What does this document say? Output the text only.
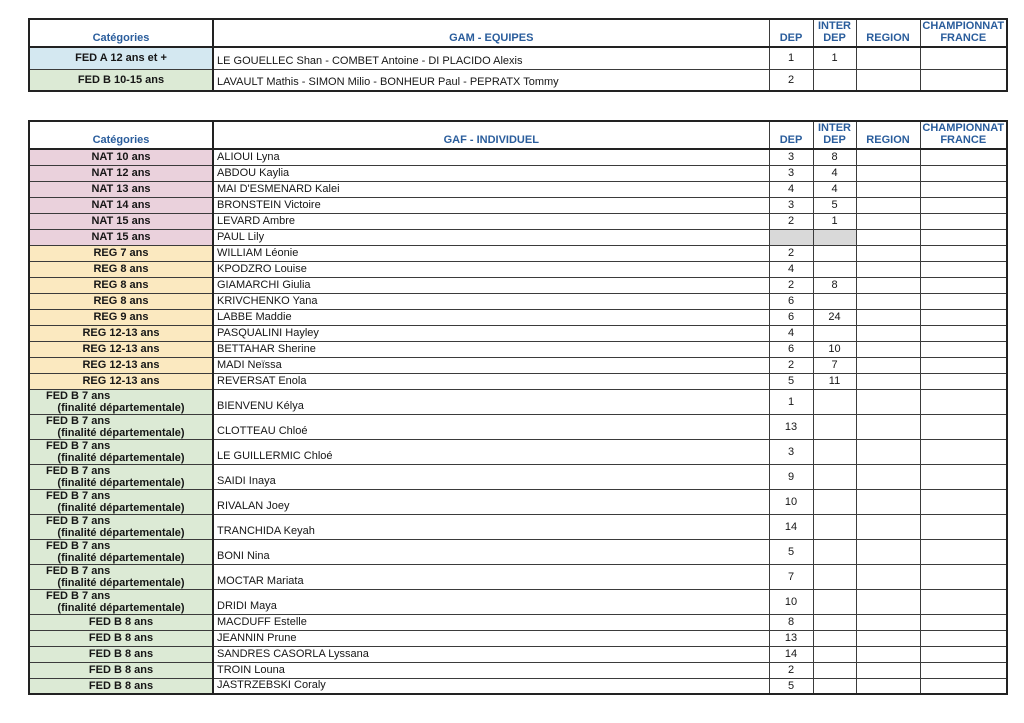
Catégories	GAM - EQUIPES	DEP	INTER DEP	REGION	CHAMPIONNAT FRANCE
FED A 12 ans et +	LE GOUELLEC Shan - COMBET Antoine - DI PLACIDO Alexis	1	1		
FED B 10-15 ans	LAVAULT Mathis - SIMON Milio - BONHEUR Paul - PEPRATX Tommy	2			
Catégories	GAF - INDIVIDUEL	DEP	INTER DEP	REGION	CHAMPIONNAT FRANCE
NAT 10 ans	ALIOUI Lyna	3	8		
NAT 12 ans	ABDOU Kaylia	3	4		
NAT 13 ans	MAI D'ESMENARD Kalei	4	4		
NAT 14 ans	BRONSTEIN Victoire	3	5		
NAT 15 ans	LEVARD Ambre	2	1		
NAT 15 ans	PAUL Lily				
REG 7 ans	WILLIAM Léonie	2			
REG 8 ans	KPODZRO Louise	4			
REG 8 ans	GIAMARCHI Giulia	2	8		
REG 8 ans	KRIVCHENKO Yana	6			
REG 9 ans	LABBE Maddie	6	24		
REG 12-13 ans	PASQUALINI Hayley	4			
REG 12-13 ans	BETTAHAR Sherine	6	10		
REG 12-13 ans	MADI Neïssa	2	7		
REG 12-13 ans	REVERSAT Enola	5	11		

FED B 7 ans
(finalité départementale)	BIENVENU Kélya	1			

FED B 7 ans
(finalité départementale)	CLOTTEAU Chloé	13			

FED B 7 ans
(finalité départementale)	LE GUILLERMIC Chloé	3			

FED B 7 ans
(finalité départementale)	SAIDI Inaya	9			

FED B 7 ans
(finalité départementale)	RIVALAN Joey	10			

FED B 7 ans
(finalité départementale)	TRANCHIDA Keyah	14			

FED B 7 ans
(finalité départementale)	BONI Nina	5			

FED B 7 ans
(finalité départementale)	MOCTAR Mariata	7			

FED B 7 ans
(finalité départementale)	DRIDI Maya	10			
FED B 8 ans	MACDUFF Estelle	8			
FED B 8 ans	JEANNIN Prune	13			
FED B 8 ans	SANDRES CASORLA Lyssana	14			
FED B 8 ans	TROIN Louna	2			
FED B 8 ans	JASTRZEBSKI Coraly	5			
